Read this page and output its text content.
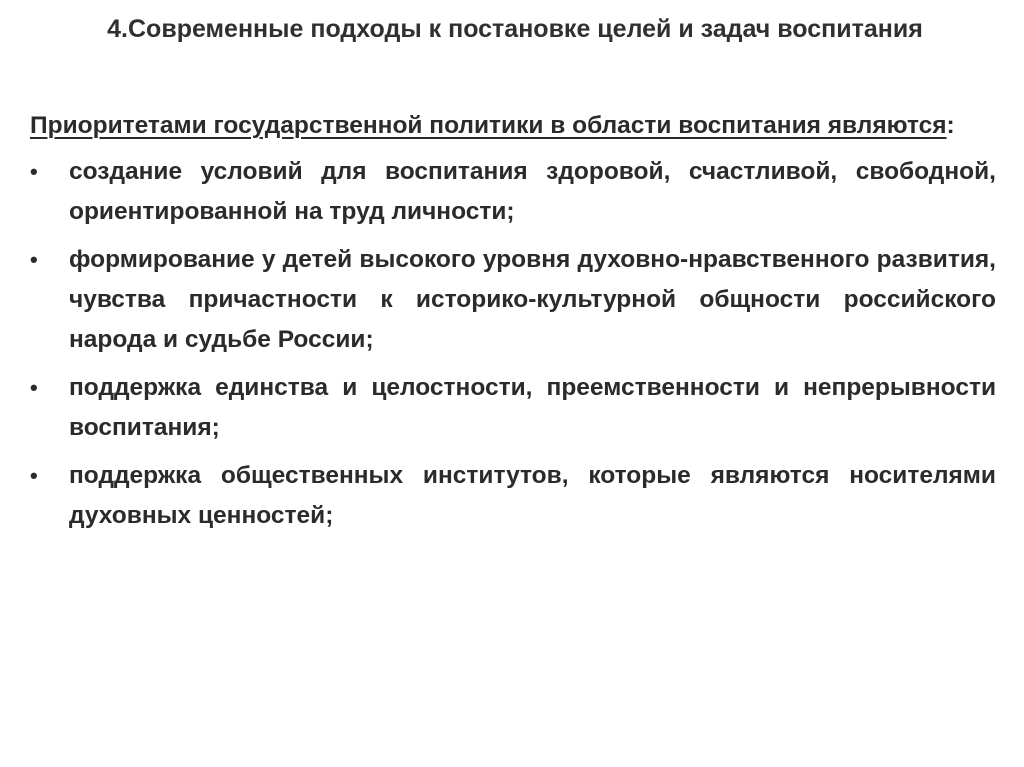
4.Современные подходы к постановке целей и задач воспитания

Приоритетами государственной политики в области воспитания являются:

• создание условий для воспитания здоровой, счастливой, свободной, ориентированной на труд личности;
• формирование у детей высокого уровня духовно-нравственного развития, чувства причастности к историко-культурной общности российского народа и судьбе России;
• поддержка единства и целостности, преемственности и непрерывности воспитания;
• поддержка общественных институтов, которые являются носителями духовных ценностей;
